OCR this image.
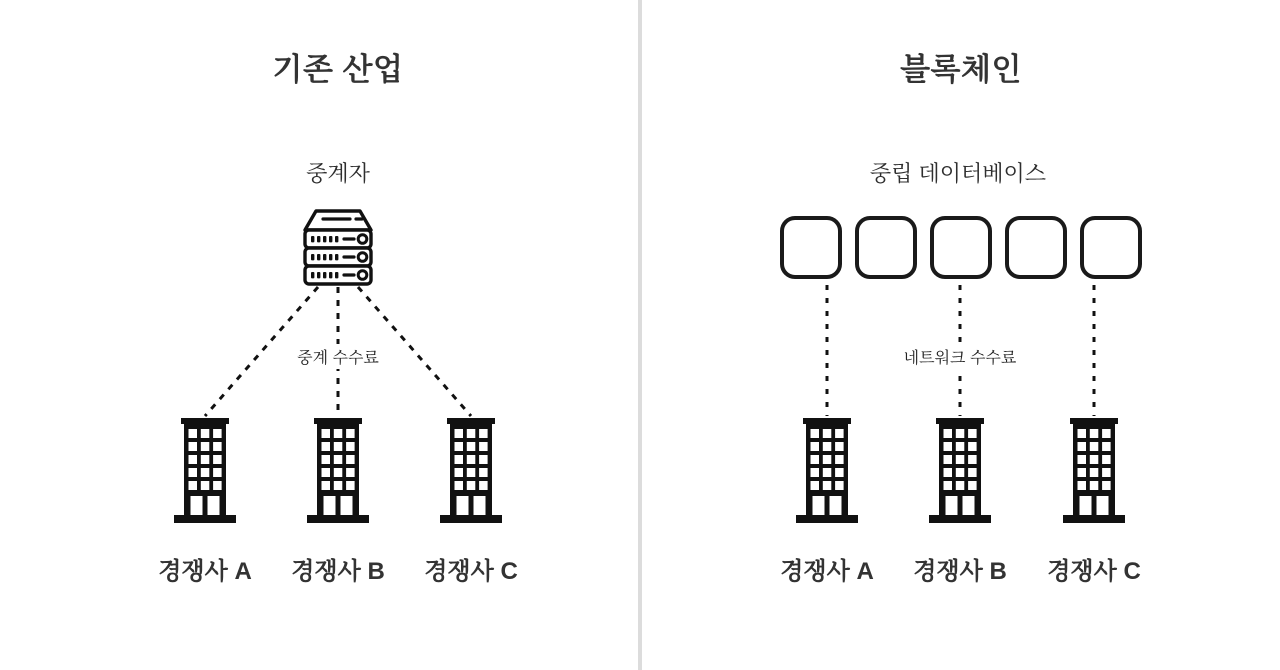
기존 산업
중계자
중계 수수료
경쟁사 A 경쟁사 B 경쟁사 C
블록체인
중립 데이터베이스
네트워크 수수료
경쟁사 A 경쟁사 B 경쟁사 C
